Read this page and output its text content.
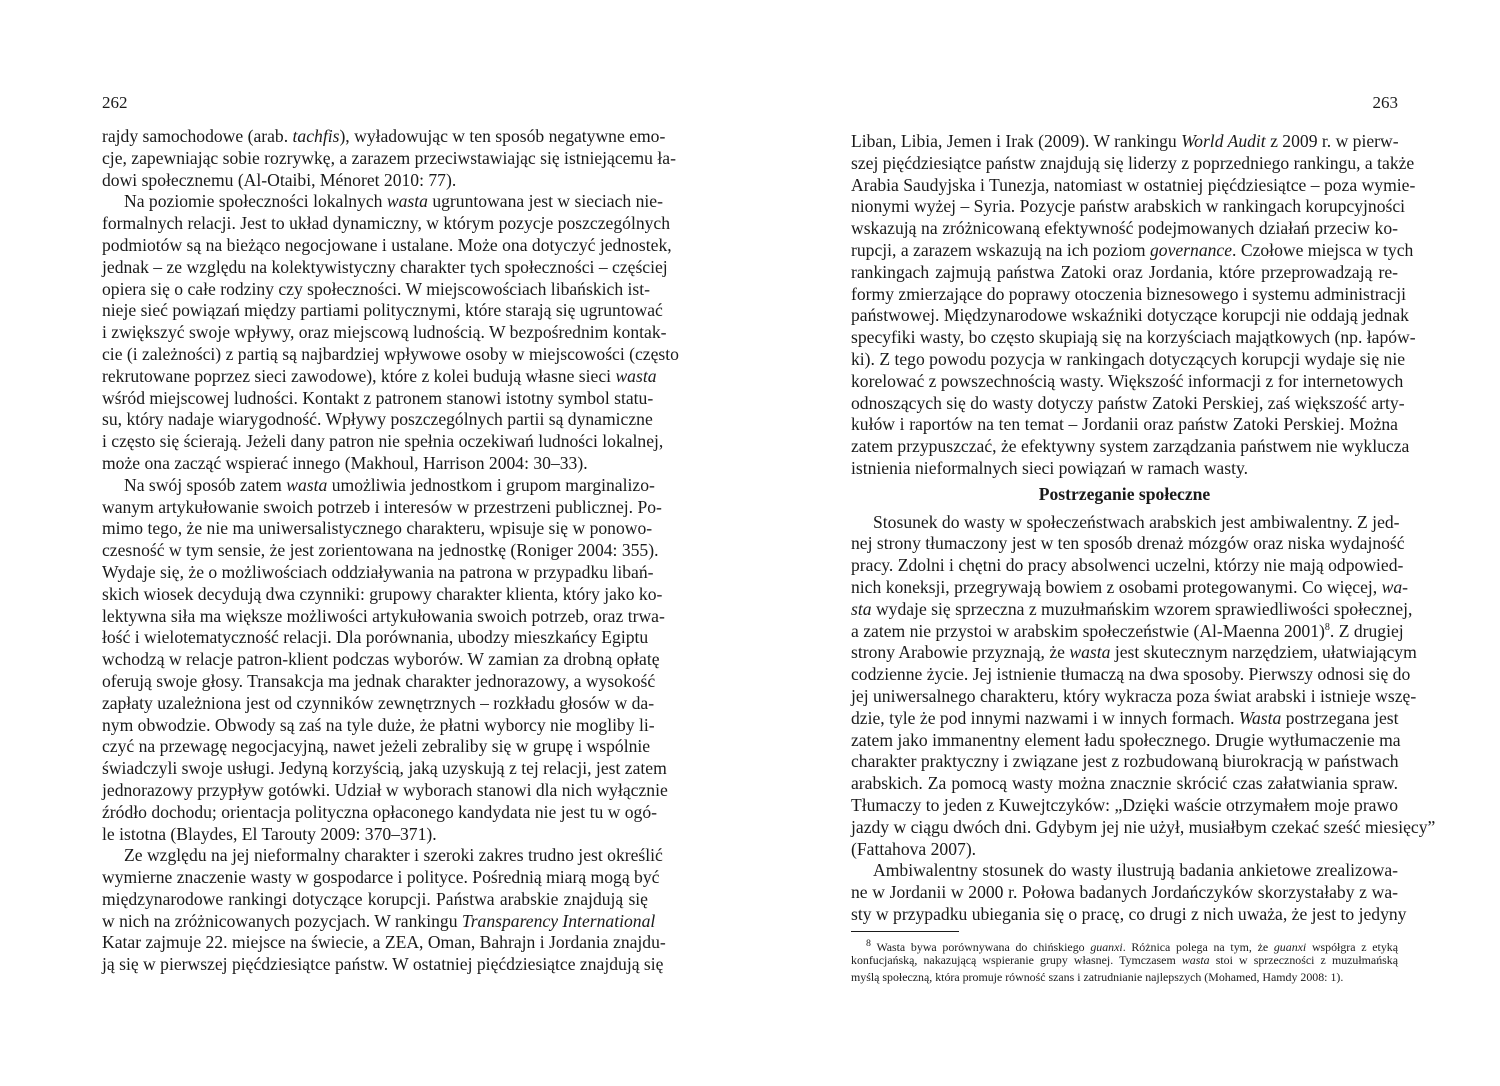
262
rajdy samochodowe (arab. tachfis), wyładowując w ten sposób negatywne emo-
cje, zapewniając sobie rozrywkę, a zarazem przeciwstawiając się istniejącemu ła-
dowi społecznemu (Al-Otaibi, Ménoret 2010: 77).
Na poziomie społeczności lokalnych wasta ugruntowana jest w sieciach nie-
formalnych relacji. Jest to układ dynamiczny, w którym pozycje poszczególnych
podmiotów są na bieżąco negocjowane i ustalane. Może ona dotyczyć jednostek,
jednak – ze względu na kolektywistyczny charakter tych społeczności – częściej
opiera się o całe rodziny czy społeczności. W miejscowościach libańskich ist-
nieje sieć powiązań między partiami politycznymi, które starają się ugruntować
i zwiększyć swoje wpływy, oraz miejscową ludnością. W bezpośrednim kontak-
cie (i zależności) z partią są najbardziej wpływowe osoby w miejscowości (często
rekrutowane poprzez sieci zawodowe), które z kolei budują własne sieci wasta
wśród miejscowej ludności. Kontakt z patronem stanowi istotny symbol statu-
su, który nadaje wiarygodność. Wpływy poszczególnych partii są dynamiczne
i często się ścierają. Jeżeli dany patron nie spełnia oczekiwań ludności lokalnej,
może ona zacząć wspierać innego (Makhoul, Harrison 2004: 30–33).
Na swój sposób zatem wasta umożliwia jednostkom i grupom marginalizo-
wanym artykułowanie swoich potrzeb i interesów w przestrzeni publicznej. Po-
mimo tego, że nie ma uniwersalistycznego charakteru, wpisuje się w ponowo-
czesność w tym sensie, że jest zorientowana na jednostkę (Roniger 2004: 355).
Wydaje się, że o możliwościach oddziaływania na patrona w przypadku libań-
skich wiosek decydują dwa czynniki: grupowy charakter klienta, który jako ko-
lektywna siła ma większe możliwości artykułowania swoich potrzeb, oraz trwa-
łość i wielotematyczność relacji. Dla porównania, ubodzy mieszkańcy Egiptu
wchodzą w relacje patron-klient podczas wyborów. W zamian za drobną opłatę
oferują swoje głosy. Transakcja ma jednak charakter jednorazowy, a wysokość
zapłaty uzależniona jest od czynników zewnętrznych – rozkładu głosów w da-
nym obwodzie. Obwody są zaś na tyle duże, że płatni wyborcy nie mogliby li-
czyć na przewagę negocjacyjną, nawet jeżeli zebraliby się w grupę i wspólnie
świadczyli swoje usługi. Jedyną korzyścią, jaką uzyskują z tej relacji, jest zatem
jednorazowy przypływ gotówki. Udział w wyborach stanowi dla nich wyłącznie
źródło dochodu; orientacja polityczna opłaconego kandydata nie jest tu w ogó-
le istotna (Blaydes, El Tarouty 2009: 370–371).
Ze względu na jej nieformalny charakter i szeroki zakres trudno jest określić
wymierne znaczenie wasty w gospodarce i polityce. Pośrednią miarą mogą być
międzynarodowe rankingi dotyczące korupcji. Państwa arabskie znajdują się
w nich na zróżnicowanych pozycjach. W rankingu Transparency International
Katar zajmuje 22. miejsce na świecie, a ZEA, Oman, Bahrajn i Jordania znajdu-
ją się w pierwszej pięćdziesiątce państw. W ostatniej pięćdziesiątce znajdują się
263
Liban, Libia, Jemen i Irak (2009). W rankingu World Audit z 2009 r. w pierw-
szej pięćdziesiątce państw znajdują się liderzy z poprzedniego rankingu, a także
Arabia Saudyjska i Tunezja, natomiast w ostatniej pięćdziesiątce – poza wymie-
nionymi wyżej – Syria. Pozycje państw arabskich w rankingach korupcyjności
wskazują na zróżnicowaną efektywność podejmowanych działań przeciw ko-
rupcji, a zarazem wskazują na ich poziom governance. Czołowe miejsca w tych
rankingach zajmują państwa Zatoki oraz Jordania, które przeprowadzają re-
formy zmierzające do poprawy otoczenia biznesowego i systemu administracji
państwowej. Międzynarodowe wskaźniki dotyczące korupcji nie oddają jednak
specyfiki wasty, bo często skupiają się na korzyściach majątkowych (np. łapów-
ki). Z tego powodu pozycja w rankingach dotyczących korupcji wydaje się nie
korelować z powszechnością wasty. Większość informacji z for internetowych
odnoszących się do wasty dotyczy państw Zatoki Perskiej, zaś większość arty-
kułów i raportów na ten temat – Jordanii oraz państw Zatoki Perskiej. Można
zatem przypuszczać, że efektywny system zarządzania państwem nie wyklucza
istnienia nieformalnych sieci powiązań w ramach wasty.
Postrzeganie społeczne
Stosunek do wasty w społeczeństwach arabskich jest ambiwalentny. Z jed-
nej strony tłumaczony jest w ten sposób drenaż mózgów oraz niska wydajność
pracy. Zdolni i chętni do pracy absolwenci uczelni, którzy nie mają odpowied-
nich koneksji, przegrywają bowiem z osobami protegowanymi. Co więcej, wa-
sta wydaje się sprzeczna z muzułmańskim wzorem sprawiedliwości społecznej,
a zatem nie przystoi w arabskim społeczeństwie (Al-Maenna 2001)$^8$. Z drugiej
strony Arabowie przyznają, że wasta jest skutecznym narzędziem, ułatwiającym
codzienne życie. Jej istnienie tłumaczą na dwa sposoby. Pierwszy odnosi się do
jej uniwersalnego charakteru, który wykracza poza świat arabski i istnieje wszę-
dzie, tyle że pod innymi nazwami i w innych formach. Wasta postrzegana jest
zatem jako immanentny element ładu społecznego. Drugie wytłumaczenie ma
charakter praktyczny i związane jest z rozbudowaną biurokracją w państwach
arabskich. Za pomocą wasty można znacznie skrócić czas załatwiania spraw.
Tłumaczy to jeden z Kuwejtczyków: „Dzięki waście otrzymałem moje prawo
jazdy w ciągu dwóch dni. Gdybym jej nie użył, musiałbym czekać sześć miesięcy”
(Fattahova 2007).
Ambiwalentny stosunek do wasty ilustrują badania ankietowe zrealizowa-
ne w Jordanii w 2000 r. Połowa badanych Jordańczyków skorzystałaby z wa-
sty w przypadku ubiegania się o pracę, co drugi z nich uważa, że jest to jedyny
$^8$ Wasta bywa porównywana do chińskiego guanxi. Różnica polega na tym, że guanxi współgra z etyką
konfucjańską, nakazującą wspieranie grupy własnej. Tymczasem wasta stoi w sprzeczności z muzułmańską
myślą społeczną, która promuje równość szans i zatrudnianie najlepszych (Mohamed, Hamdy 2008: 1).
